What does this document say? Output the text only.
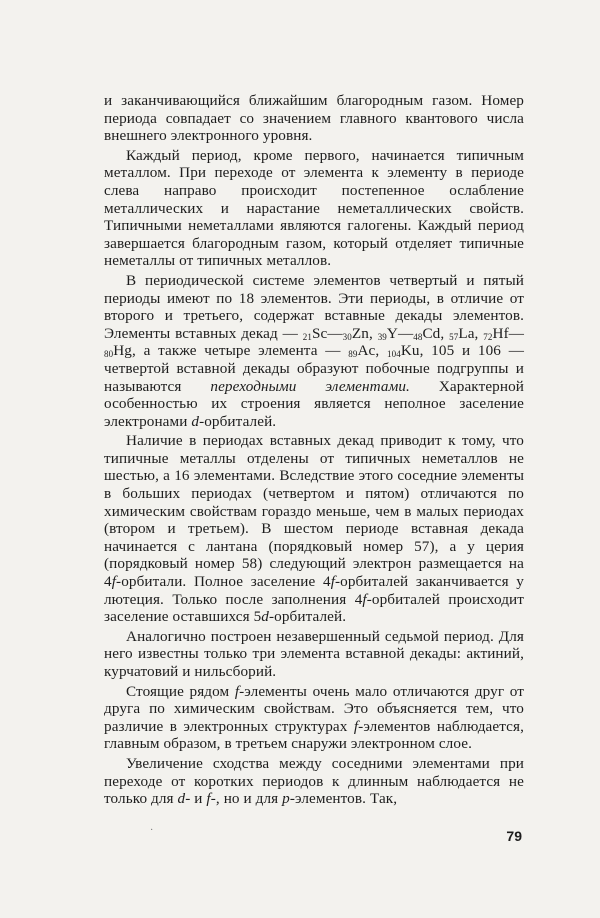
и заканчивающийся ближайшим благородным газом. Номер периода совпадает со значением главного квантового числа внешнего электронного уровня.

Каждый период, кроме первого, начинается типичным металлом. При переходе от элемента к элементу в периоде слева направо происходит постепенное ослабление металлических и нарастание неметаллических свойств. Типичными неметаллами являются галогены. Каждый период завершается благородным газом, который отделяет типичные неметаллы от типичных металлов.

В периодической системе элементов четвертый и пятый периоды имеют по 18 элементов. Эти периоды, в отличие от второго и третьего, содержат вставные декады элементов. Элементы вставных декад — $_{21}Sc—_{30}Zn$, $_{39}Y—_{48}Cd$, $_{57}$La, $_{72}Hf—_{80}Hg$, а также четыре элемента — $_{89}$Ac, $_{104}$Ku, 105 и 106 — четвертой вставной декады образуют побочные подгруппы и называются переходными элементами. Характерной особенностью их строения является неполное заселение электронами d-орбиталей.

Наличие в периодах вставных декад приводит к тому, что типичные металлы отделены от типичных неметаллов не шестью, а 16 элементами. Вследствие этого соседние элементы в больших периодах (четвертом и пятом) отличаются по химическим свойствам гораздо меньше, чем в малых периодах (втором и третьем). В шестом периоде вставная декада начинается с лантана (порядковый номер 57), а у церия (порядковый номер 58) следующий электрон размещается на 4f-орбитали. Полное заселение 4f-орбиталей заканчивается у лютеция. Только после заполнения 4f-орбиталей происходит заселение оставшихся 5d-орбиталей.

Аналогично построен незавершенный седьмой период. Для него известны только три элемента вставной декады: актиний, курчатовий и нильсборий.

Стоящие рядом f-элементы очень мало отличаются друг от друга по химическим свойствам. Это объясняется тем, что различие в электронных структурах f-элементов наблюдается, главным образом, в третьем снаружи электронном слое.

Увеличение сходства между соседними элементами при переходе от коротких периодов к длинным наблюдается не только для d- и f-, но и для p-элементов. Так,

·	79
